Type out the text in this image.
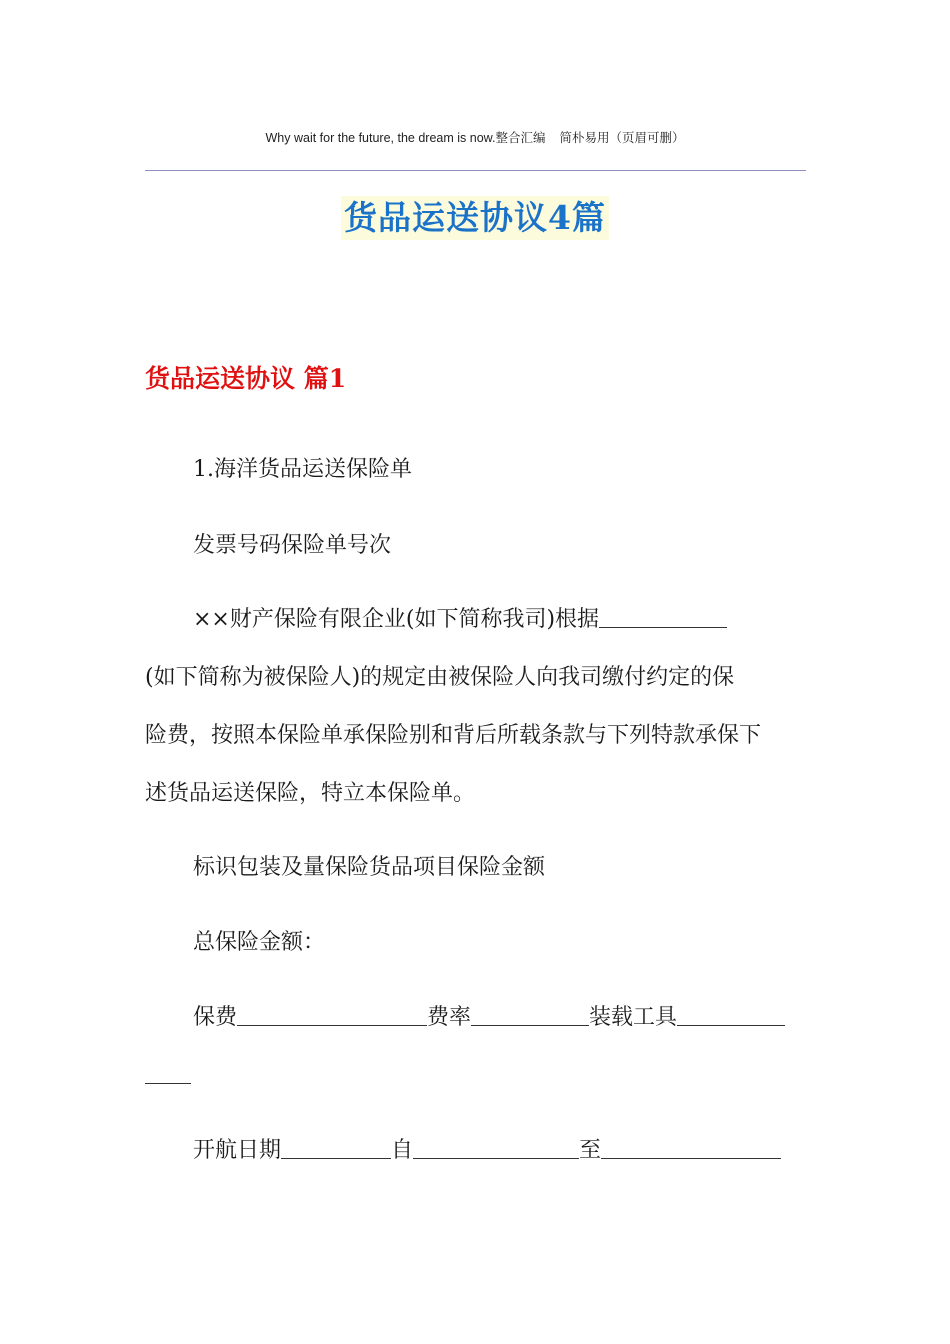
Why wait for the future, the dream is now.整合汇编 简朴易用（页眉可删）
货品运送协议4篇
货品运送协议 篇1
1.海洋货品运送保险单
发票号码保险单号次
××财产保险有限企业(如下简称我司)根据
(如下简称为被保险人)的规定由被保险人向我司缴付约定的保
险费，按照本保险单承保险别和背后所载条款与下列特款承保下
述货品运送保险，特立本保险单。
标识包装及量保险货品项目保险金额
总保险金额：
保费	费率	装载工具
开航日期	自	至
